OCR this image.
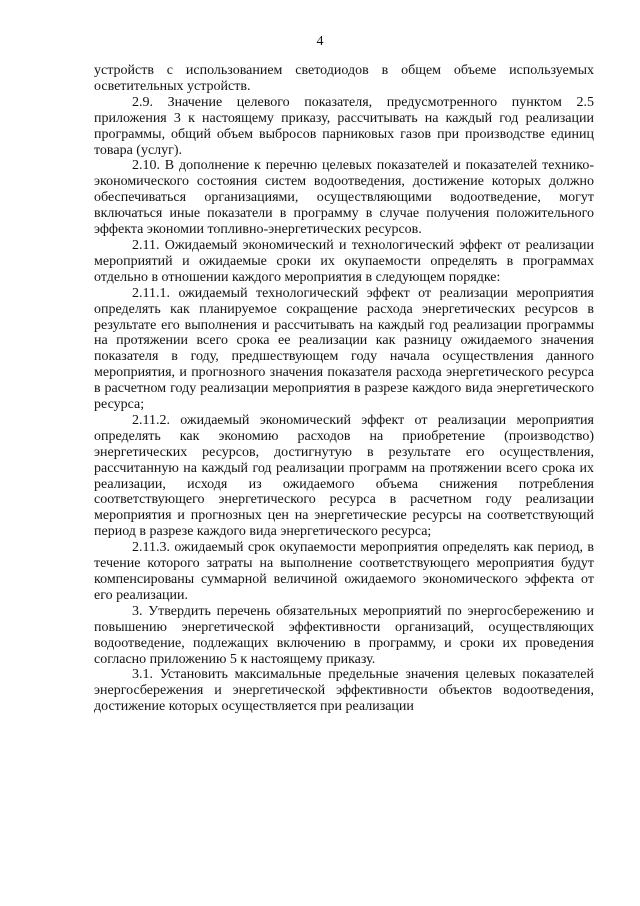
4

устройств с использованием светодиодов в общем объеме используемых осветительных устройств.

2.9. Значение целевого показателя, предусмотренного пунктом 2.5 приложения 3 к настоящему приказу, рассчитывать на каждый год реализации программы, общий объем выбросов парниковых газов при производстве единиц товара (услуг).

2.10. В дополнение к перечню целевых показателей и показателей технико-экономического состояния систем водоотведения, достижение которых должно обеспечиваться организациями, осуществляющими водоотведение, могут включаться иные показатели в программу в случае получения положительного эффекта экономии топливно-энергетических ресурсов.

2.11. Ожидаемый экономический и технологический эффект от реализации мероприятий и ожидаемые сроки их окупаемости определять в программах отдельно в отношении каждого мероприятия в следующем порядке:

2.11.1. ожидаемый технологический эффект от реализации мероприятия определять как планируемое сокращение расхода энергетических ресурсов в результате его выполнения и рассчитывать на каждый год реализации программы на протяжении всего срока ее реализации как разницу ожидаемого значения показателя в году, предшествующем году начала осуществления данного мероприятия, и прогнозного значения показателя расхода энергетического ресурса в расчетном году реализации мероприятия в разрезе каждого вида энергетического ресурса;

2.11.2. ожидаемый экономический эффект от реализации мероприятия определять как экономию расходов на приобретение (производство) энергетических ресурсов, достигнутую в результате его осуществления, рассчитанную на каждый год реализации программ на протяжении всего срока их реализации, исходя из ожидаемого объема снижения потребления соответствующего энергетического ресурса в расчетном году реализации мероприятия и прогнозных цен на энергетические ресурсы на соответствующий период в разрезе каждого вида энергетического ресурса;

2.11.3. ожидаемый срок окупаемости мероприятия определять как период, в течение которого затраты на выполнение соответствующего мероприятия будут компенсированы суммарной величиной ожидаемого экономического эффекта от его реализации.

3. Утвердить перечень обязательных мероприятий по энергосбережению и повышению энергетической эффективности организаций, осуществляющих водоотведение, подлежащих включению в программу, и сроки их проведения согласно приложению 5 к настоящему приказу.

3.1. Установить максимальные предельные значения целевых показателей энергосбережения и энергетической эффективности объектов водоотведения, достижение которых осуществляется при реализации
